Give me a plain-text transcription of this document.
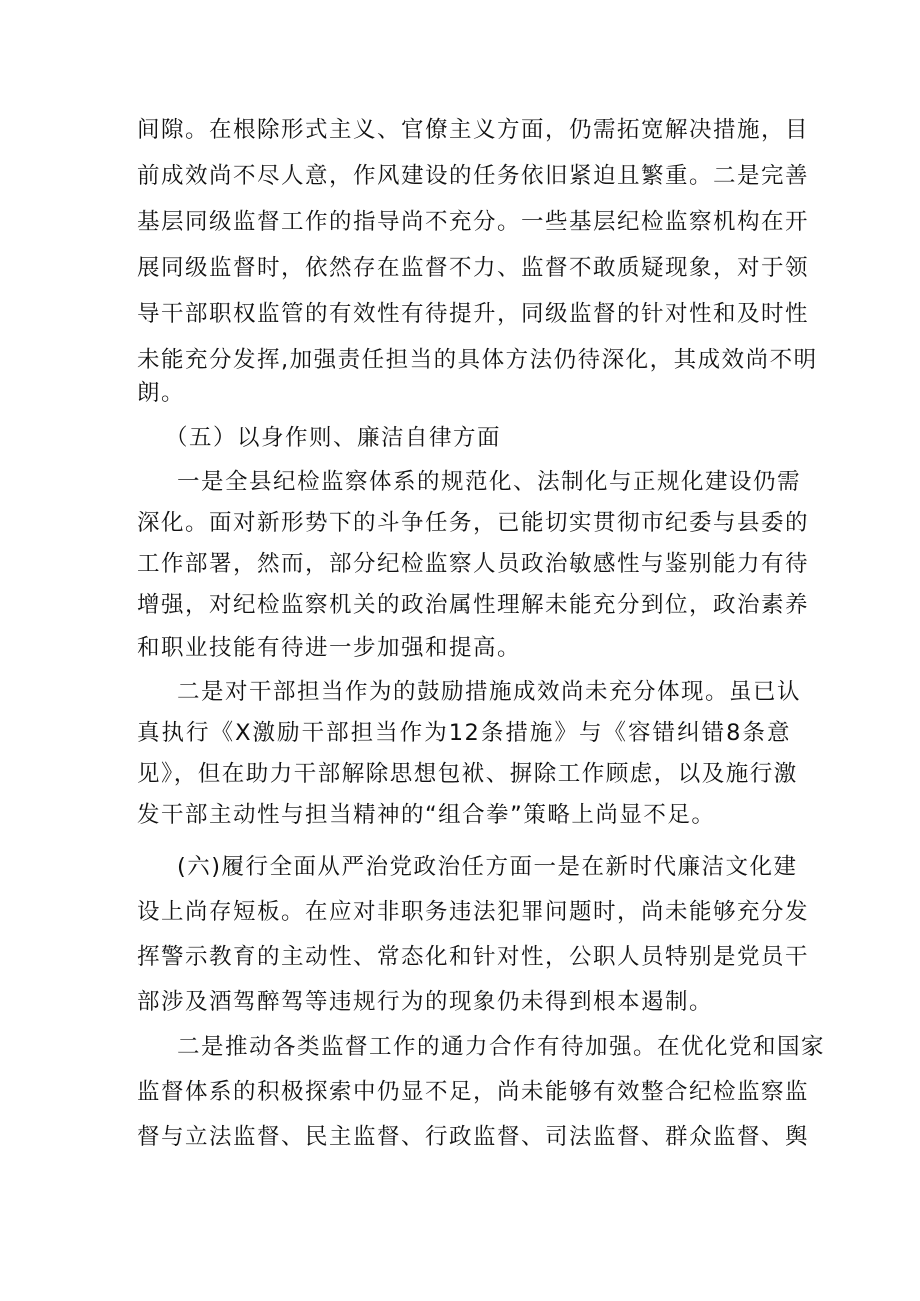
间隙。在根除形式主义、官僚主义方面，仍需拓宽解决措施，目
前成效尚不尽人意，作风建设的任务依旧紧迫且繁重。二是完善
基层同级监督工作的指导尚不充分。一些基层纪检监察机构在开
展同级监督时，依然存在监督不力、监督不敢质疑现象，对于领
导干部职权监管的有效性有待提升，同级监督的针对性和及时性
未能充分发挥,加强责任担当的具体方法仍待深化，其成效尚不明
朗。
（五）以身作则、廉洁自律方面
一是全县纪检监察体系的规范化、法制化与正规化建设仍需
深化。面对新形势下的斗争任务，已能切实贯彻市纪委与县委的
工作部署，然而，部分纪检监察人员政治敏感性与鉴别能力有待
增强，对纪检监察机关的政治属性理解未能充分到位，政治素养
和职业技能有待进一步加强和提高。
二是对干部担当作为的鼓励措施成效尚未充分体现。虽已认
真执行《X激励干部担当作为12条措施》与《容错纠错8条意
见》，但在助力干部解除思想包袱、摒除工作顾虑，以及施行激
发干部主动性与担当精神的“组合拳”策略上尚显不足。
(六)履行全面从严治党政治任方面一是在新时代廉洁文化建
设上尚存短板。在应对非职务违法犯罪问题时，尚未能够充分发
挥警示教育的主动性、常态化和针对性，公职人员特别是党员干
部涉及酒驾醉驾等违规行为的现象仍未得到根本遏制。
二是推动各类监督工作的通力合作有待加强。在优化党和国家
监督体系的积极探索中仍显不足，尚未能够有效整合纪检监察监
督与立法监督、民主监督、行政监督、司法监督、群众监督、舆
